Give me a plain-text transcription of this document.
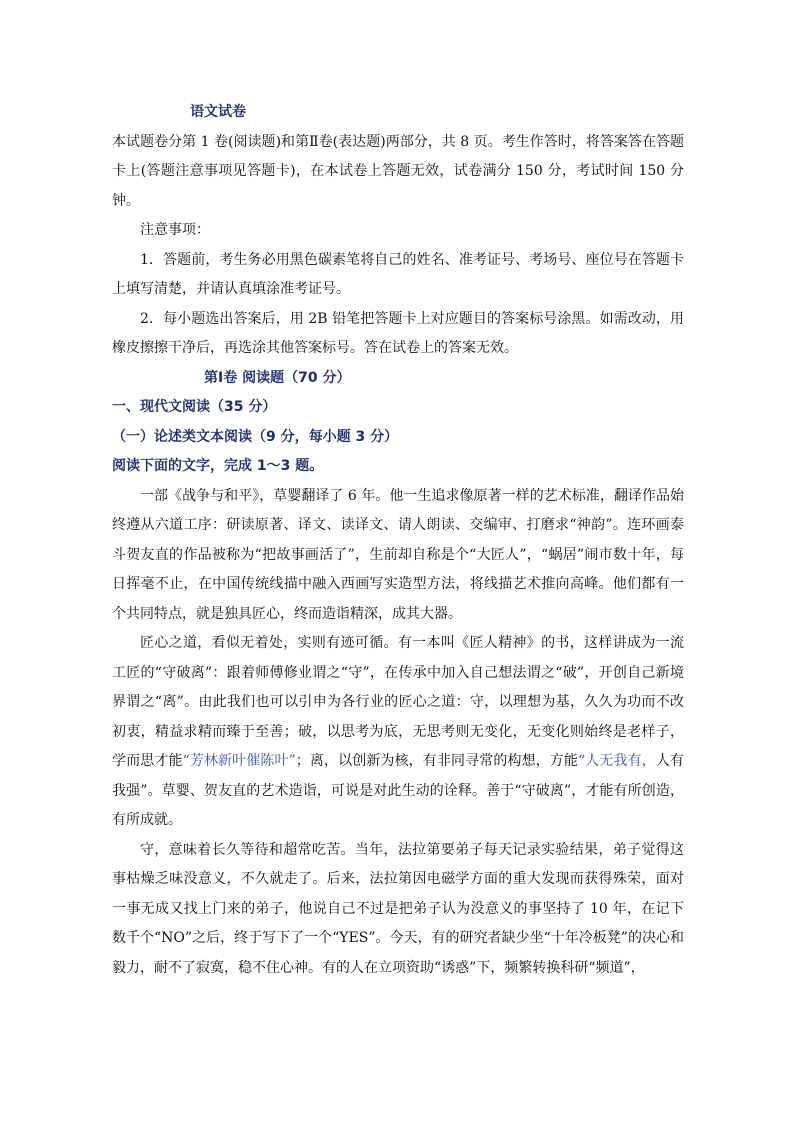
语文试卷

本试题卷分第 1 卷(阅读题)和第Ⅱ卷(表达题)两部分，共 8 页。考生作答时，将答案答在答题卡上(答题注意事项见答题卡)，在本试卷上答题无效，试卷满分 150 分，考试时间 150 分钟。

注意事项：

1．答题前，考生务必用黑色碳素笔将自己的姓名、准考证号、考场号、座位号在答题卡上填写清楚，并请认真填涂准考证号。

2．每小题选出答案后，用 2B 铅笔把答题卡上对应题目的答案标号涂黑。如需改动，用橡皮擦擦干净后，再选涂其他答案标号。答在试卷上的答案无效。

第Ⅰ卷 阅读题（70 分）

一、现代文阅读（35 分）

（一）论述类文本阅读（9 分，每小题 3 分）

阅读下面的文字，完成 1～3 题。

一部《战争与和平》，草婴翻译了 6 年。他一生追求像原著一样的艺术标准，翻译作品始终遵从六道工序：研读原著、译文、读译文、请人朗读、交编审、打磨求“神韵”。连环画泰斗贺友直的作品被称为“把故事画活了”，生前却自称是个“大匠人”，“蜗居”闹市数十年，每日挥毫不止，在中国传统线描中融入西画写实造型方法，将线描艺术推向高峰。他们都有一个共同特点，就是独具匠心，终而造诣精深，成其大器。

匠心之道，看似无着处，实则有迹可循。有一本叫《匠人精神》的书，这样讲成为一流工匠的“守破离”：跟着师傅修业谓之“守”，在传承中加入自己想法谓之“破”，开创自己新境界谓之“离”。由此我们也可以引申为各行业的匠心之道：守，以理想为基，久久为功而不改初衷，精益求精而臻于至善；破，以思考为底，无思考则无变化，无变化则始终是老样子，学而思才能“芳林新叶催陈叶”；离，以创新为核，有非同寻常的构想，方能“人无我有，人有我强”。草婴、贺友直的艺术造诣，可说是对此生动的诠释。善于“守破离”，才能有所创造，有所成就。

守，意味着长久等待和超常吃苦。当年，法拉第要弟子每天记录实验结果，弟子觉得这事枯燥乏味没意义，不久就走了。后来，法拉第因电磁学方面的重大发现而获得殊荣，面对一事无成又找上门来的弟子，他说自己不过是把弟子认为没意义的事坚持了 10 年，在记下数千个“NO”之后，终于写下了一个“YES”。今天，有的研究者缺少坐“十年冷板凳”的决心和毅力，耐不了寂寞，稳不住心神。有的人在立项资助“诱惑”下，频繁转换科研“频道”，
